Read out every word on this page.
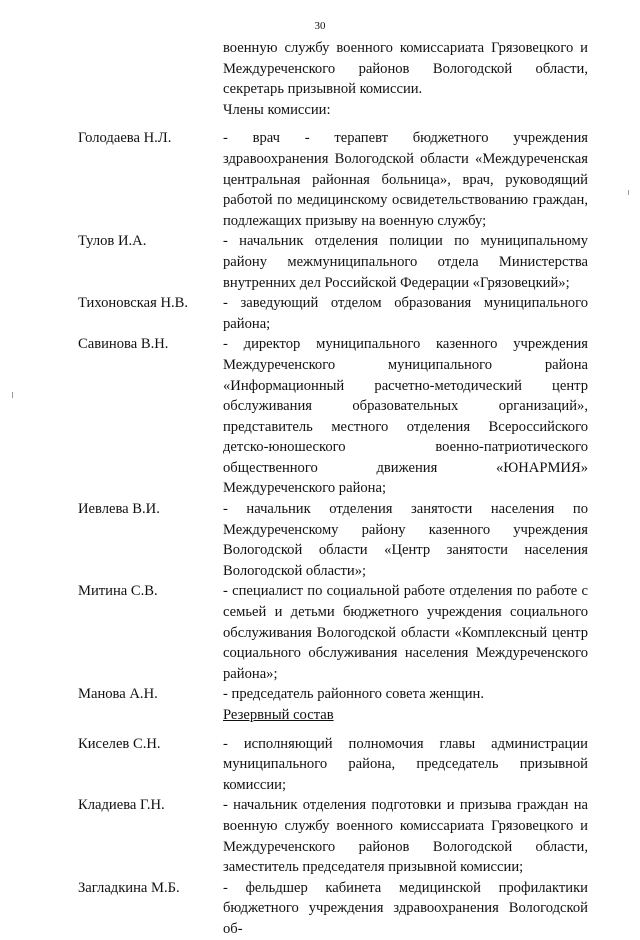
30
военную службу военного комиссариата Грязовецкого и Междуреченского районов Вологодской области, секретарь призывной комиссии.
Члены комиссии:
Голодаева Н.Л.	- врач - терапевт бюджетного учреждения здравоохранения Вологодской области «Междуреченская центральная районная больница», врач, руководящий работой по медицинскому освидетельствованию граждан, подлежащих призыву на военную службу;
Тулов И.А.	- начальник отделения полиции по муниципальному району межмуниципального отдела Министерства внутренних дел Российской Федерации «Грязовецкий»;
Тихоновская Н.В.	- заведующий отделом образования муниципального района;
Савинова В.Н.	- директор муниципального казенного учреждения Междуреченского муниципального района «Информационный расчетно-методический центр обслуживания образовательных организаций», представитель местного отделения Всероссийского детско-юношеского военно-патриотического общественного движения «ЮНАРМИЯ» Междуреченского района;
Иевлева В.И.	- начальник отделения занятости населения по Междуреченскому району казенного учреждения Вологодской области «Центр занятости населения Вологодской области»;
Митина С.В.	- специалист по социальной работе отделения по работе с семьей и детьми бюджетного учреждения социального обслуживания Вологодской области «Комплексный центр социального обслуживания населения Междуреченского района»;
Манова А.Н.	- председатель районного совета женщин.
Резервный состав
Киселев С.Н.	- исполняющий полномочия главы администрации муниципального района, председатель призывной комиссии;
Кладиева Г.Н.	- начальник отделения подготовки и призыва граждан на военную службу военного комиссариата Грязовецкого и Междуреченского районов Вологодской области, заместитель председателя призывной комиссии;
Загладкина М.Б.	- фельдшер кабинета медицинской профилактики бюджетного учреждения здравоохранения Вологодской об-
